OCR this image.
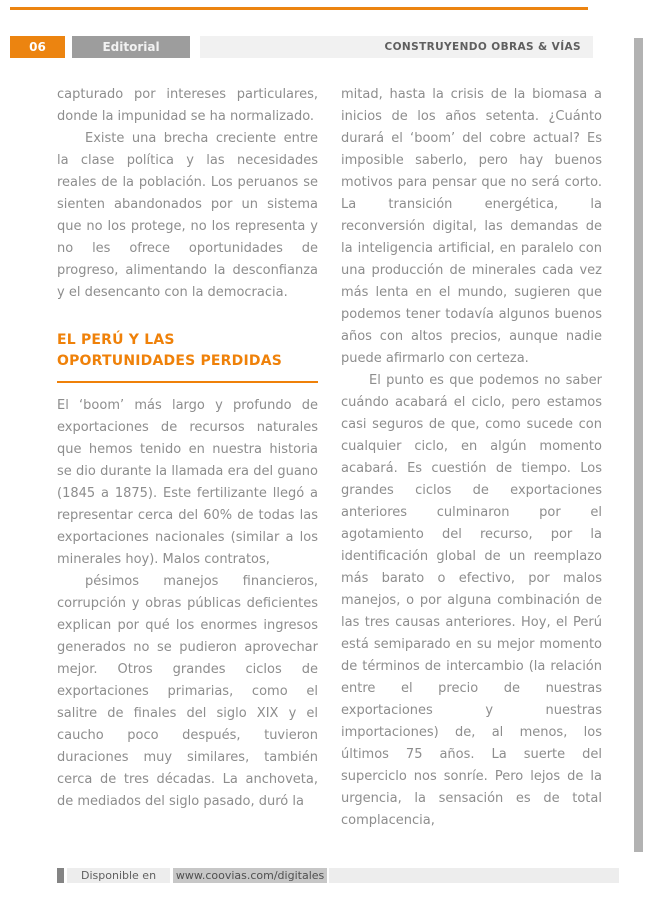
06	Editorial	CONSTRUYENDO OBRAS & VÍAS

capturado por intereses particulares, donde la impunidad se ha normalizado.

Existe una brecha creciente entre la clase política y las necesidades reales de la población. Los peruanos se sienten abandonados por un sistema que no los protege, no los representa y no les ofrece oportunidades de progreso, alimentando la desconfianza y el desencanto con la democracia.

EL PERÚ Y LAS OPORTUNIDADES PERDIDAS

El ‘boom’ más largo y profundo de exportaciones de recursos naturales que hemos tenido en nuestra historia se dio durante la llamada era del guano (1845 a 1875). Este fertilizante llegó a representar cerca del 60% de todas las exportaciones nacionales (similar a los minerales hoy). Malos contratos,

pésimos manejos financieros, corrupción y obras públicas deficientes explican por qué los enormes ingresos generados no se pudieron aprovechar mejor. Otros grandes ciclos de exportaciones primarias, como el salitre de finales del siglo XIX y el caucho poco después, tuvieron duraciones muy similares, también cerca de tres décadas. La anchoveta, de mediados del siglo pasado, duró la

mitad, hasta la crisis de la biomasa a inicios de los años setenta. ¿Cuánto durará el ‘boom’ del cobre actual? Es imposible saberlo, pero hay buenos motivos para pensar que no será corto. La transición energética, la reconversión digital, las demandas de la inteligencia artificial, en paralelo con una producción de minerales cada vez más lenta en el mundo, sugieren que podemos tener todavía algunos buenos años con altos precios, aunque nadie puede afirmarlo con certeza.

El punto es que podemos no saber cuándo acabará el ciclo, pero estamos casi seguros de que, como sucede con cualquier ciclo, en algún momento acabará. Es cuestión de tiempo. Los grandes ciclos de exportaciones anteriores culminaron por el agotamiento del recurso, por la identificación global de un reemplazo más barato o efectivo, por malos manejos, o por alguna combinación de las tres causas anteriores. Hoy, el Perú está semiparado en su mejor momento de términos de intercambio (la relación entre el precio de nuestras exportaciones y nuestras importaciones) de, al menos, los últimos 75 años. La suerte del superciclo nos sonríe. Pero lejos de la urgencia, la sensación es de total complacencia,

Disponible en	www.coovias.com/digitales
